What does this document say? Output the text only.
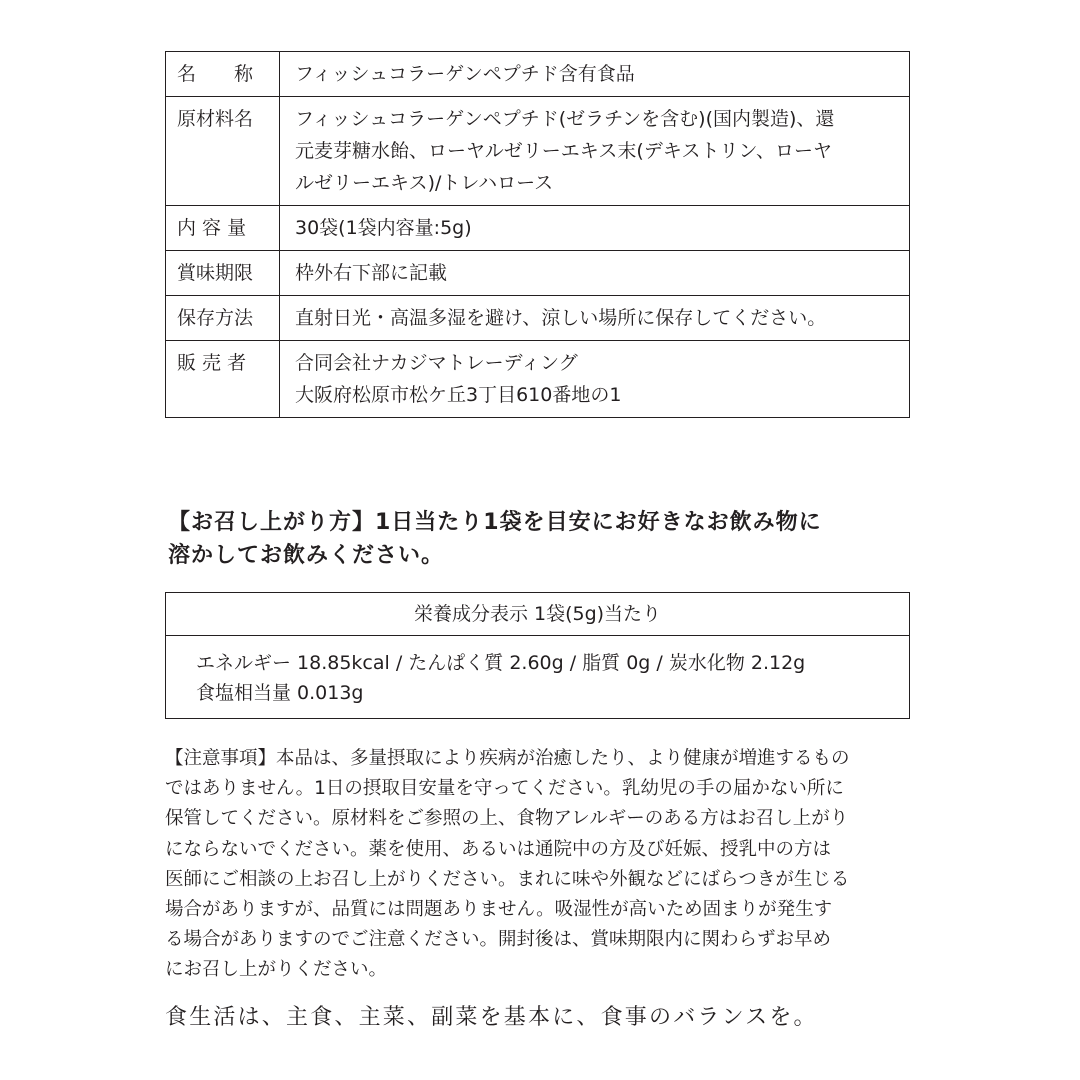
名　　称	フィッシュコラーゲンペプチド含有食品

原材料名	フィッシュコラーゲンペプチド(ゼラチンを含む)(国内製造)、還
元麦芽糖水飴、ローヤルゼリーエキス末(デキストリン、ローヤ
ルゼリーエキス)/トレハロース

内 容 量	30袋(1袋内容量:5g)

賞味期限	枠外右下部に記載

保存方法	直射日光・高温多湿を避け、涼しい場所に保存してください。

販 売 者	合同会社ナカジマトレーディング
大阪府松原市松ケ丘3丁目610番地の1
【お召し上がり方】1日当たり1袋を目安にお好きなお飲み物に
溶かしてお飲みください。
栄養成分表示 1袋(5g)当たり
エネルギー 18.85kcal / たんぱく質 2.60g / 脂質 0g / 炭水化物 2.12g
食塩相当量 0.013g
【注意事項】本品は、多量摂取により疾病が治癒したり、より健康が増進するもの
ではありません。1日の摂取目安量を守ってください。乳幼児の手の届かない所に
保管してください。原材料をご参照の上、食物アレルギーのある方はお召し上がり
にならないでください。薬を使用、あるいは通院中の方及び妊娠、授乳中の方は
医師にご相談の上お召し上がりください。まれに味や外観などにばらつきが生じる
場合がありますが、品質には問題ありません。吸湿性が高いため固まりが発生す
る場合がありますのでご注意ください。開封後は、賞味期限内に関わらずお早め
にお召し上がりください。
食生活は、主食、主菜、副菜を基本に、食事のバランスを。
